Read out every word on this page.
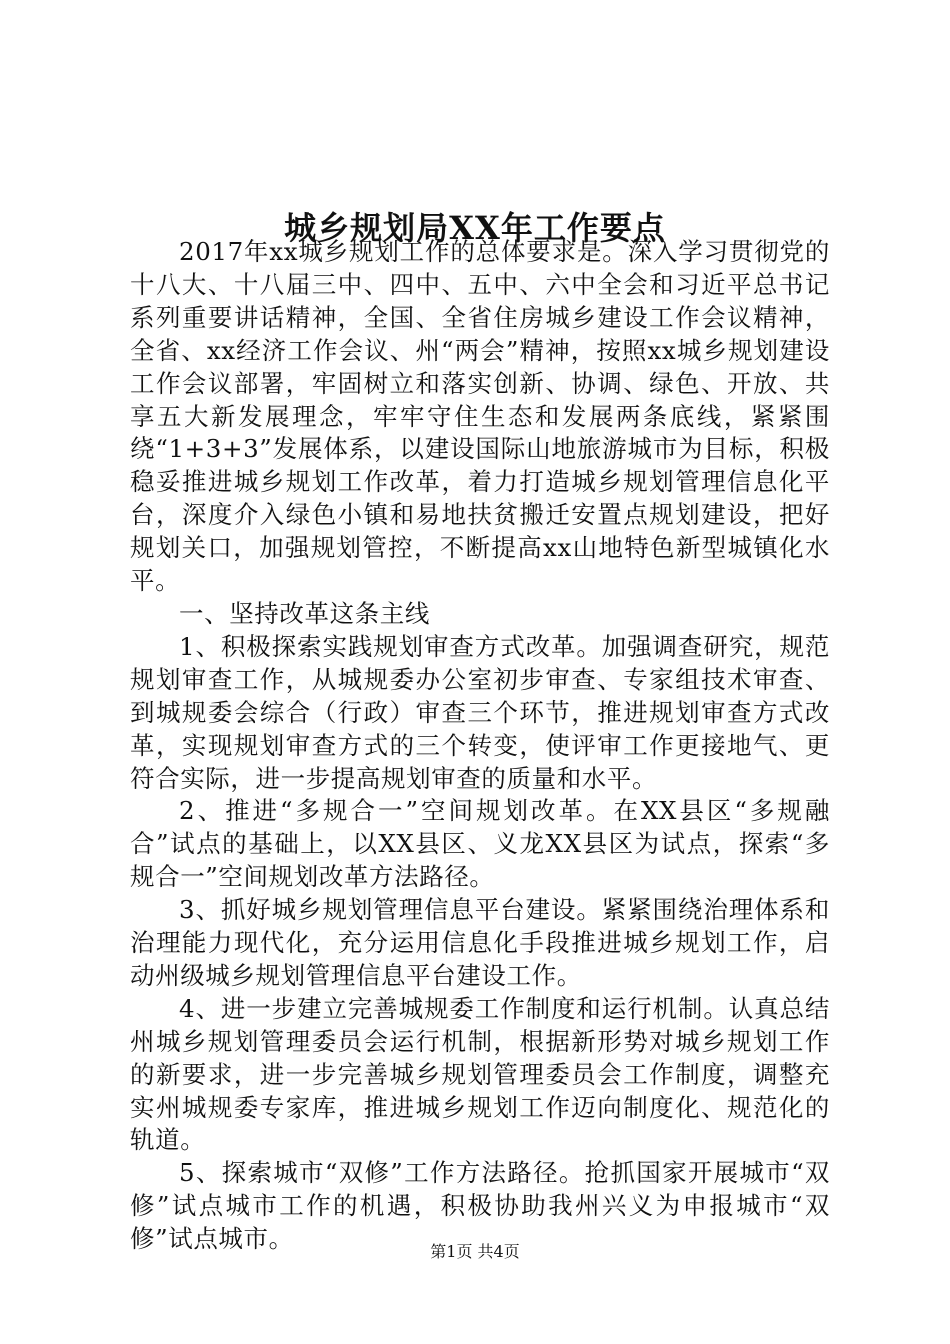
城乡规划局XX年工作要点

2017年xx城乡规划工作的总体要求是。深入学习贯彻党的十八大、十八届三中、四中、五中、六中全会和习近平总书记系列重要讲话精神，全国、全省住房城乡建设工作会议精神，全省、xx经济工作会议、州“两会”精神，按照xx城乡规划建设工作会议部署，牢固树立和落实创新、协调、绿色、开放、共享五大新发展理念，牢牢守住生态和发展两条底线，紧紧围绕“1+3+3”发展体系，以建设国际山地旅游城市为目标，积极稳妥推进城乡规划工作改革，着力打造城乡规划管理信息化平台，深度介入绿色小镇和易地扶贫搬迁安置点规划建设，把好规划关口，加强规划管控，不断提高xx山地特色新型城镇化水平。

一、坚持改革这条主线

1、积极探索实践规划审查方式改革。加强调查研究，规范规划审查工作，从城规委办公室初步审查、专家组技术审查、到城规委会综合（行政）审查三个环节，推进规划审查方式改革，实现规划审查方式的三个转变，使评审工作更接地气、更符合实际，进一步提高规划审查的质量和水平。

2、推进“多规合一”空间规划改革。在XX县区“多规融合”试点的基础上，以XX县区、义龙XX县区为试点，探索“多规合一”空间规划改革方法路径。

3、抓好城乡规划管理信息平台建设。紧紧围绕治理体系和治理能力现代化，充分运用信息化手段推进城乡规划工作，启动州级城乡规划管理信息平台建设工作。

4、进一步建立完善城规委工作制度和运行机制。认真总结州城乡规划管理委员会运行机制，根据新形势对城乡规划工作的新要求，进一步完善城乡规划管理委员会工作制度，调整充实州城规委专家库，推进城乡规划工作迈向制度化、规范化的轨道。

5、探索城市“双修”工作方法路径。抢抓国家开展城市“双修”试点城市工作的机遇，积极协助我州兴义为申报城市“双修”试点城市。	第1页 共4页
